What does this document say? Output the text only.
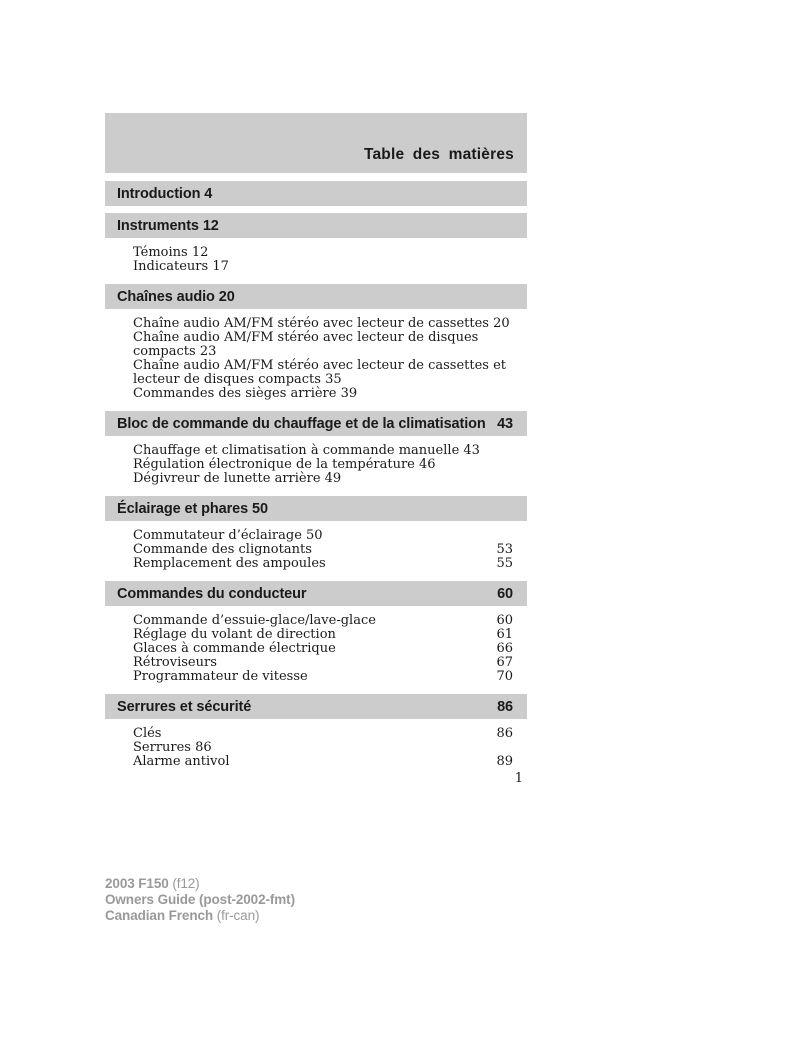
Table des matières
Introduction 4
Instruments 12
Témoins 12
Indicateurs 17
Chaînes audio 20
Chaîne audio AM/FM stéréo avec lecteur de cassettes 20
Chaîne audio AM/FM stéréo avec lecteur de disques compacts 23
Chaîne audio AM/FM stéréo avec lecteur de cassettes et lecteur de disques compacts 35
Commandes des sièges arrière 39
Bloc de commande du chauffage et de la climatisation 43
Chauffage et climatisation à commande manuelle 43
Régulation électronique de la température 46
Dégivreur de lunette arrière 49
Éclairage et phares 50
Commutateur d’éclairage 50
Commande des clignotants	53
Remplacement des ampoules	55
Commandes du conducteur	60
Commande d’essuie-glace/lave-glace	60
Réglage du volant de direction	61
Glaces à commande électrique	66
Rétroviseurs	67
Programmateur de vitesse	70
Serrures et sécurité	86
Clés	86
Serrures 86
Alarme antivol	89
1
2003 F150 (f12)
Owners Guide (post-2002-fmt)
Canadian French (fr-can)
